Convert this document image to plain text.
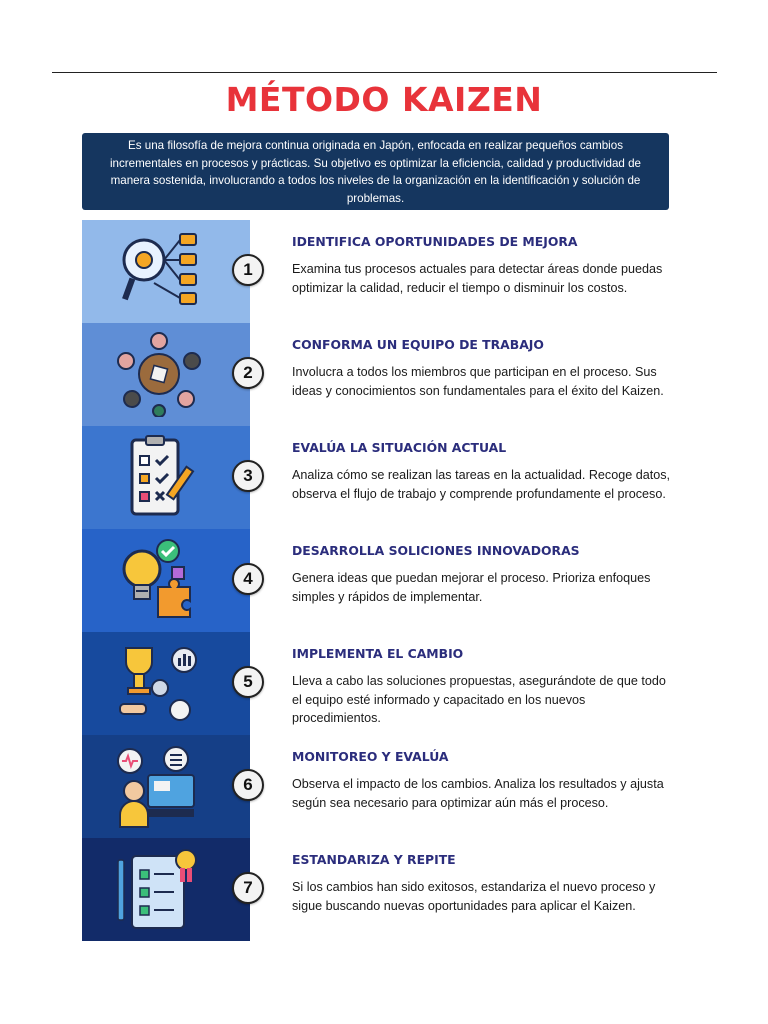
MÉTODO KAIZEN
Es una filosofía de mejora continua originada en Japón, enfocada en realizar pequeños cambios incrementales en procesos y prácticas. Su objetivo es optimizar la eficiencia, calidad y productividad de manera sostenida, involucrando a todos los niveles de la organización en la identificación y solución de problemas.
1
IDENTIFICA OPORTUNIDADES DE MEJORA
Examina tus procesos actuales para detectar áreas donde puedas optimizar la calidad, reducir el tiempo o disminuir los costos.
2
CONFORMA UN EQUIPO DE TRABAJO
Involucra a todos los miembros que participan en el proceso. Sus ideas y conocimientos son fundamentales para el éxito del Kaizen.
3
EVALÚA LA SITUACIÓN ACTUAL
Analiza cómo se realizan las tareas en la actualidad. Recoge datos, observa el flujo de trabajo y comprende profundamente el proceso.
4
DESARROLLA SOLICIONES INNOVADORAS
Genera ideas que puedan mejorar el proceso. Prioriza enfoques simples y rápidos de implementar.
5
IMPLEMENTA EL CAMBIO
Lleva a cabo las soluciones propuestas, asegurándote de que todo el equipo esté informado y capacitado en los nuevos procedimientos.
6
MONITOREO Y EVALÚA
Observa el impacto de los cambios. Analiza los resultados y ajusta según sea necesario para optimizar aún más el proceso.
7
ESTANDARIZA Y REPITE
Si los cambios han sido exitosos, estandariza el nuevo proceso y sigue buscando nuevas oportunidades para aplicar el Kaizen.
